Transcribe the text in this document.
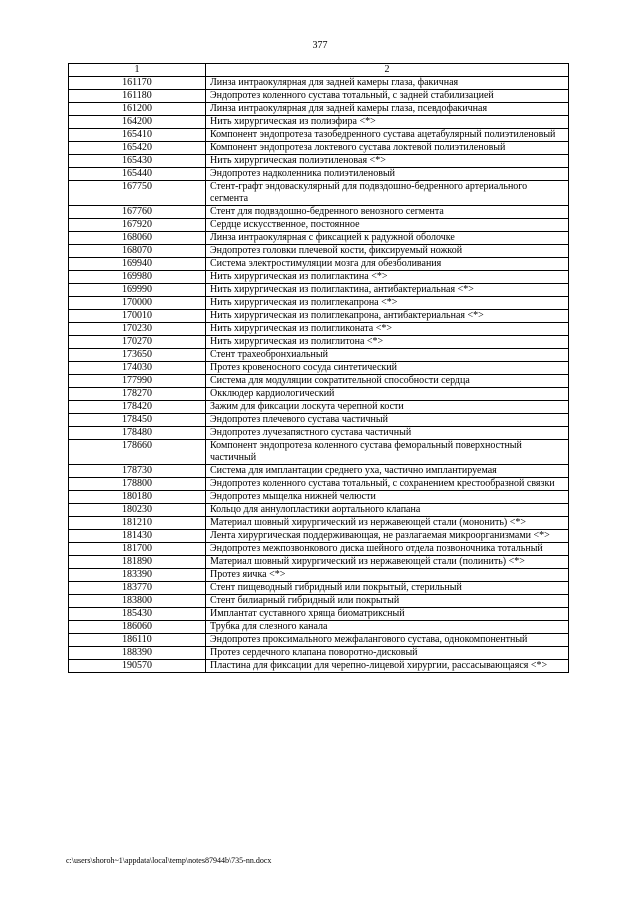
377
1	2
161170	Линза интраокулярная для задней камеры глаза, факичная
161180	Эндопротез коленного сустава тотальный, с задней стабилизацией
161200	Линза интраокулярная для задней камеры глаза, псевдофакичная
164200	Нить хирургическая из полиэфира <*>
165410	Компонент эндопротеза тазобедренного сустава ацетабулярный полиэтиленовый
165420	Компонент эндопротеза локтевого сустава локтевой полиэтиленовый
165430	Нить хирургическая полиэтиленовая <*>
165440	Эндопротез надколенника полиэтиленовый
167750	Стент-графт эндоваскулярный для подвздошно-бедренного артериального сегмента
167760	Стент для подвздошно-бедренного венозного сегмента
167920	Сердце искусственное, постоянное
168060	Линза интраокулярная с фиксацией к радужной оболочке
168070	Эндопротез головки плечевой кости, фиксируемый ножкой
169940	Система электростимуляции мозга для обезболивания
169980	Нить хирургическая из полиглактина <*>
169990	Нить хирургическая из полиглактина, антибактериальная <*>
170000	Нить хирургическая из полиглекапрона <*>
170010	Нить хирургическая из полиглекапрона, антибактериальная <*>
170230	Нить хирургическая из полигликоната <*>
170270	Нить хирургическая из полиглитона <*>
173650	Стент трахеобронхиальный
174030	Протез кровеносного сосуда синтетический
177990	Система для модуляции сократительной способности сердца
178270	Окклюдер кардиологический
178420	Зажим для фиксации лоскута черепной кости
178450	Эндопротез плечевого сустава частичный
178480	Эндопротез лучезапястного сустава частичный
178660	Компонент эндопротеза коленного сустава феморальный поверхностный частичный
178730	Система для имплантации среднего уха, частично имплантируемая
178800	Эндопротез коленного сустава тотальный, с сохранением крестообразной связки
180180	Эндопротез мыщелка нижней челюсти
180230	Кольцо для аннулопластики аортального клапана
181210	Материал шовный хирургический из нержавеющей стали (мононить) <*>
181430	Лента хирургическая поддерживающая, не разлагаемая микроорганизмами <*>
181700	Эндопротез межпозвонкового диска шейного отдела позвоночника тотальный
181890	Материал шовный хирургический из нержавеющей стали (полинить) <*>
183390	Протез яичка <*>
183770	Стент пищеводный гибридный или покрытый, стерильный
183800	Стент билиарный гибридный или покрытый
185430	Имплантат суставного хряща биоматриксный
186060	Трубка для слезного канала
186110	Эндопротез проксимального межфалангового сустава, однокомпонентный
188390	Протез сердечного клапана поворотно-дисковый
190570	Пластина для фиксации для черепно-лицевой хирургии, рассасывающаяся <*>
c:\users\shoroh~1\appdata\local\temp\notes87944b\735-nn.docx
